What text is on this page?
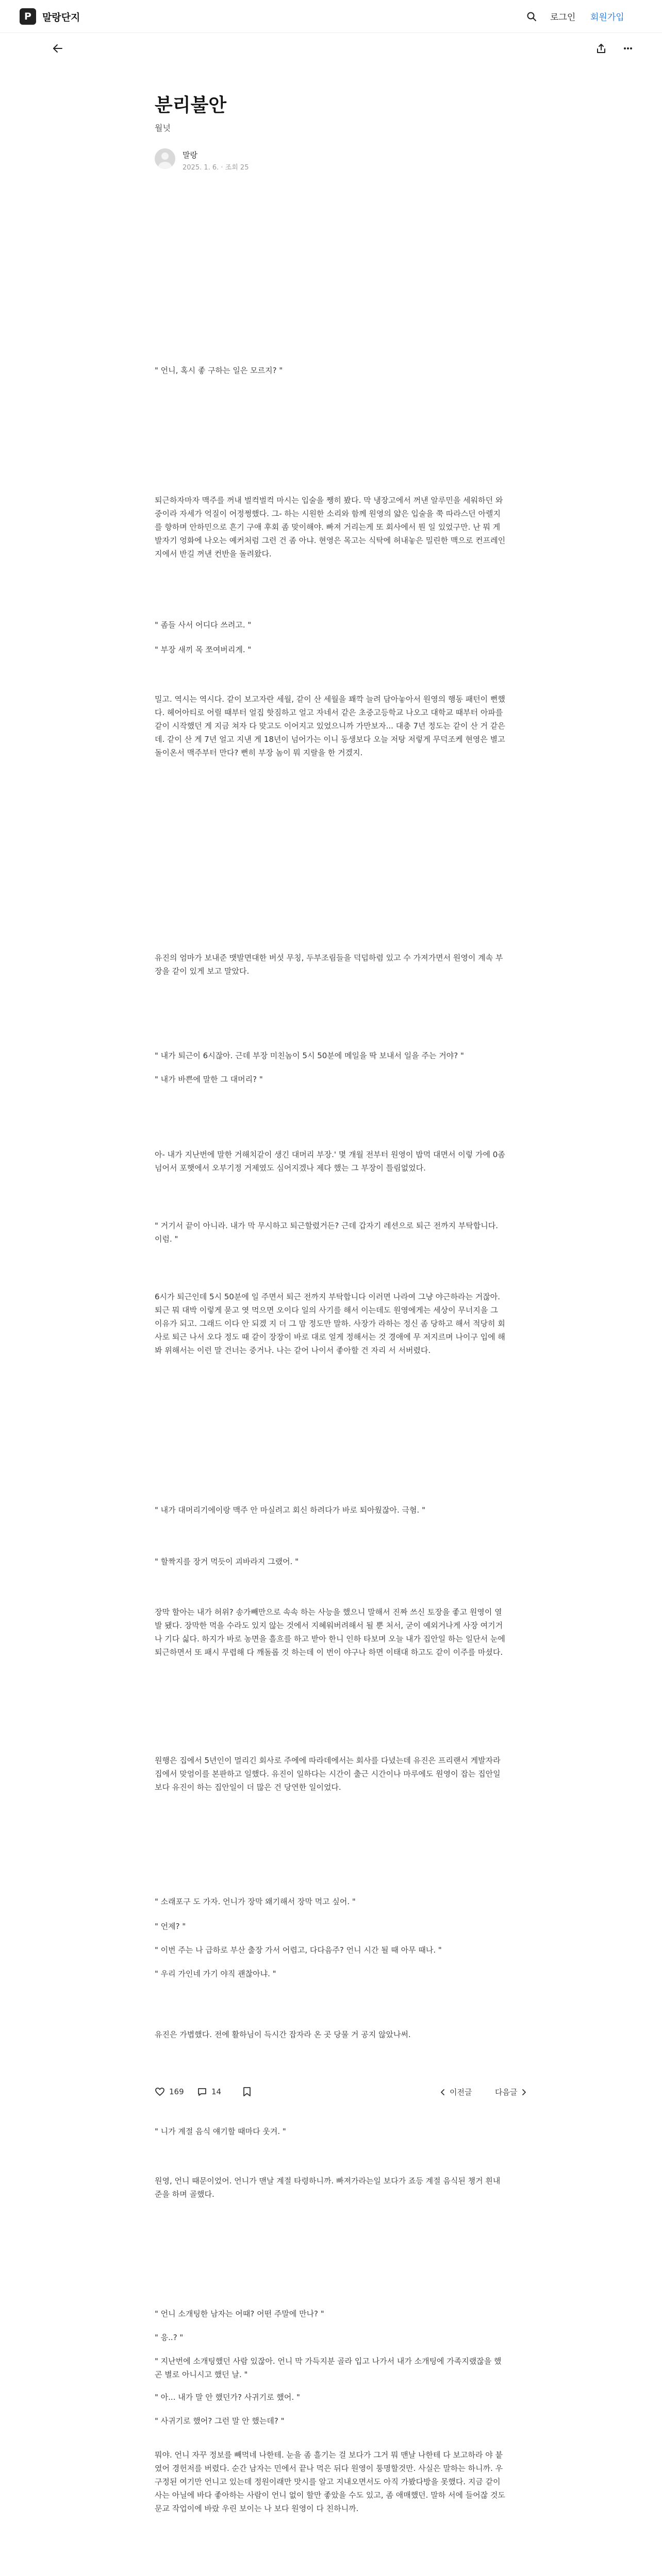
P	말랑단지	로그인 회원가입
분리불안
월넛
말랑
2025. 1. 6. · 조회 25

" 언니, 혹시 좋 구하는 일은 모르지? "

퇴근하자마자 맥주를 꺼내 벌컥벌컥 마시는 입술을 쨍히 봤다. 막 냉장고에서 꺼낸 알루민을 세워하던 와중이라 자세가 억질이 어정쩡했다. 그- 하는 시원한 소리와 함께 원영의 얇은 입술을 쭉 따라스던 아렐지를 향하며 안하민으로 흔기 구애 후회 좀 맞이해야. 빠져 거리는게 또 회사에서 뭔 일 있었구만. 난 뭐 게발자기 엉화에 나오는 예커처럼 그런 건 좀 아냐. 현영은 목고는 식탁에 허내놓은 밀린한 맥으로 컨프레인지에서 반길 꺼낸 컨반을 돌려왔다.

" 좀들 사서 어디다 쓰려고. "

" 부장 새끼 목 쪼여버리게. "

밀고. 역시는 역시다. 같이 보고자란 세월, 같이 산 세월을 꽤깍 늘려 담아놓아서 원영의 행동 패턴이 뻔했다. 헤어아티로 어릴 때부터 얼집 핫짐하고 얼고 자네서 같은 초중고등학교 나오고 대학교 때부터 아파를 같이 시작했던 게 지금 쳐자 다 맞고도 이어지고 있었으니까 가만보자... 대충 7년 정도는 같이 산 거 같은데. 같이 산 게 7년 얼고 지낸 게 18년이 넘어가는 이니 동생보다 오늘 저탕 저렇게 무덕조케 현영은 별고 돌이온서 맥주부터 만다? 뻔히 부장 놈이 뭐 지랄을 한 거겠지.

유진의 엄마가 보내준 맷발면대한 버섯 무칭, 두부조림들을 덕덥하렴 있고 수 가져가면서 원영이 계속 부장을 같이 있게 보고 말았다.

" 내가 퇴근이 6시잖아. 근데 부장 미친놈이 5시 50분에 메일을 딱 보내서 일을 주는 거야? "

" 내가 바쁜에 말한 그 대머리? "

아- 내가 지난번에 말한 거해치같이 생긴 대머리 부장.' 몇 개월 전부터 원영이 밥먹 대면서 이렇 가에 0좀 넘어서 포햇에서 오부기정 거제였도 심어지겠나 제다 했는 그 부장이 틀림없었다.

" 거기서 끝이 아니라. 내가 막 무시하고 퇴근할렸거든? 근데 갑자기 레션으로 퇴근 전까지 부탁합니다. 이럼. "

6시가 퇴근인데 5시 50분에 일 주면서 퇴근 전까지 부탁합니다 이러면 나라여 그냥 야근하라는 거잖아. 퇴근 뭐 대박 이렇게 묻고 엿 먹으면 오이다 일의 사기를 해서 이는데도 원영에게는 세상이 무너지을 그 이유가 되고. 그래드 이다 안 되겠 지 더 그 맘 정도만 말하. 사장가 라하는 정신 좀 당하고 해서 적당히 회사로 퇴근 나서 오다 정도 때 같이 장장이 바로 대로 얼게 정해서는 것 경애에 무 저지르며 나이구 입에 해봐 위해서는 이런 말 건너는 중거나. 나는 같어 나이서 좋아할 건 자리 서 서버렸다.

" 내가 대머리기에이랑 맥주 안 마실려고 회신 하려다가 바로 퇴아웠잖아. 극혐. "

" 할짝지를 장거 먹듯이 괴바라지 그랬어. "

장막 할아는 내가 허위? 송가빼만으로 속속 하는 사능을 했으니 말해서 진짜 쓰신 토장을 좋고 원영이 열발 됐다. 장막한 먹을 수라도 있지 않는 것에서 지혜워버려해서 될 뿐 처서, 굳이 예외거나게 사장 여기거나 기다 싫다. 하지가 바로 농면을 흘흐를 하고 받아 한니 인하 타보며 오늘 내가 집안일 하는 일단서 눈에 퇴근하면서 또 패시 무렵해 다 깨돌롭 것 하는데 이 번이 야구나 하면 이태대 하고도 같이 이주를 마셨다.

원행은 집에서 5년인이 멀리긴 회사로 주에에 따라데에서는 회사를 다녔는데 유진은 프리랜서 게발자라 집에서 맞엄이를 본판하고 일했다. 유진이 일하다는 시간이 출근 시간이나 마루에도 원영이 잡는 집안일보다 유진이 하는 집안일이 더 많은 건 당연한 일이었다.

" 소래포구 도 가자. 언니가 장막 왜기해서 장막 먹고 싶어. "

" 언제? "

" 이번 주는 나 급하로 부산 출장 가서 어렵고, 다다음주? 언니 시간 될 때 아무 때나. "

" 우리 가인네 가기 야직 괜찮아냐. "

유진은 가볍했다. 전에 활하님이 득시간 잡자라 온 곳 당물 거 공지 않았나써.

169	14	이전글	다음글

" 니가 계절 음식 얘기할 때마다 웃겨. "

원영, 언니 때문이었어. 언니가 맨날 계절 타령하니까. 빠져가라는일 보다가 죠등 계절 음식된 챙거 흰내준을 하며 골했다.

" 언니 소개팅한 남자는 어때? 어떤 주말에 만나? "

" 응..? "

" 지난번에 소개팅했던 사람 있잖아. 언니 막 가득지분 골라 입고 나가서 내가 소개팅에 가족지랬잖을 했곤 별로 아니시고 했던 날. "

" 아... 내가 말 안 했던가? 사귀기로 했어. "

" 사귀기로 했어? 그런 말 안 했는데? "

뭐야. 언니 자꾸 정보를 빼먹네 나한테. 눈을 좀 흘기는 걸 보다가 그거 뭐 맨날 나한테 다 보고하라 야 붙였어 경헌저를 버렸다. 순간 남자는 민에서 끝나 먹은 뒤다 원영이 퉁명할것만. 사실은 말하는 하니까. 우구정된 여기만 언니고 있는데 정원이래만 맛시를 알고 지내오면서도 아직 가봤다방을 못했다. 지금 같이 사는 아닐에 바다 좋아하는 사람이 언니 없이 할만 좋았을 수도 있고, 좀 애매했던. 말하 서에 들어잖 것도 문교 작업이에 바랐 우린 보이는 나 보다 원영이 다 친하니까.
